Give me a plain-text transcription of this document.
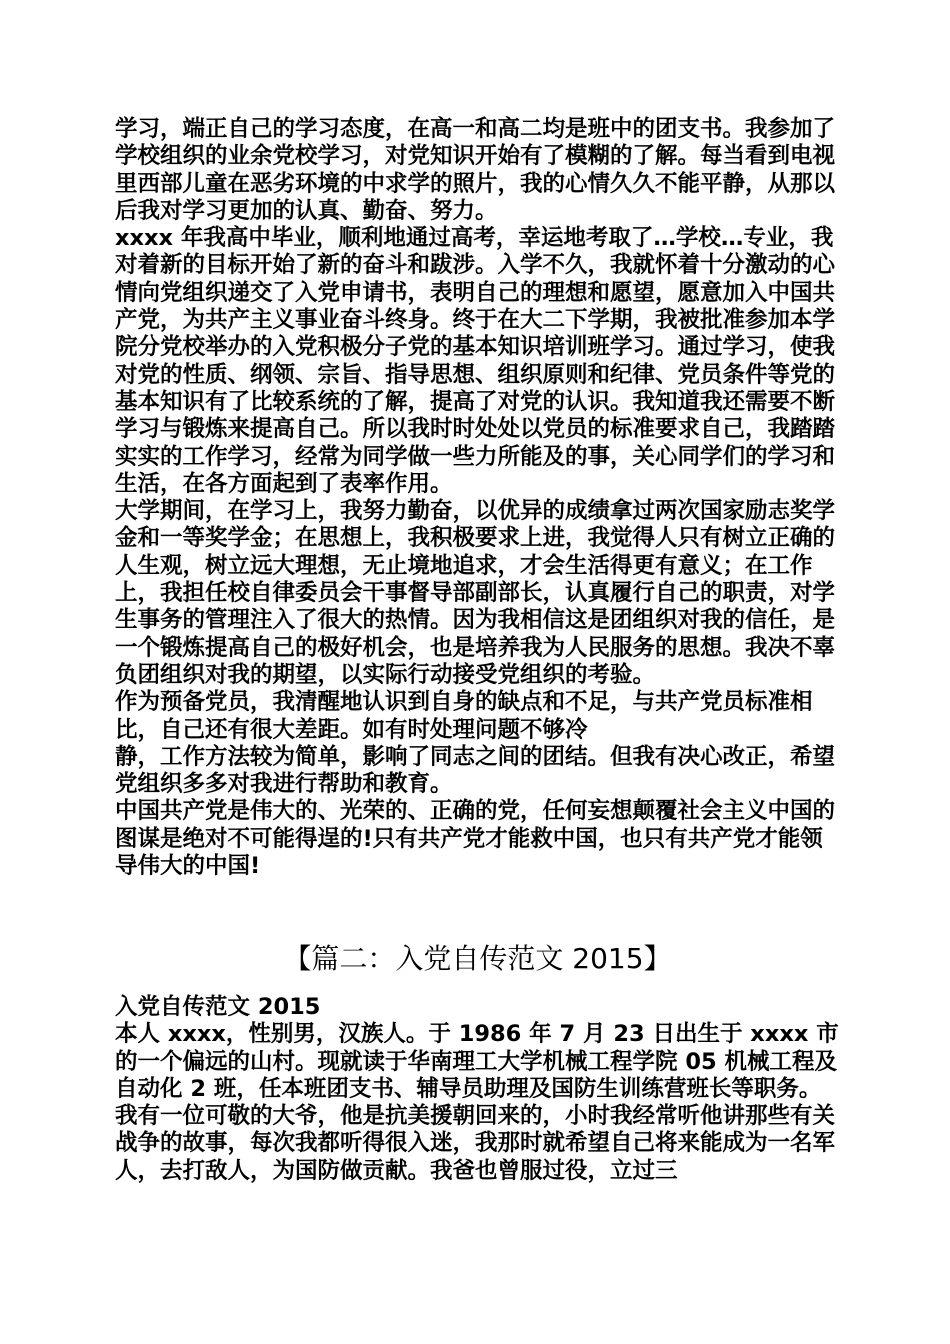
学习，端正自己的学习态度，在高一和高二均是班中的团支书。我参加了学校组织的业余党校学习，对党知识开始有了模糊的了解。每当看到电视里西部儿童在恶劣环境的中求学的照片，我的心情久久不能平静，从那以后我对学习更加的认真、勤奋、努力。

xxxx 年我高中毕业，顺利地通过高考，幸运地考取了…学校…专业，我对着新的目标开始了新的奋斗和跋涉。入学不久，我就怀着十分激动的心情向党组织递交了入党申请书，表明自己的理想和愿望，愿意加入中国共产党，为共产主义事业奋斗终身。终于在大二下学期，我被批准参加本学院分党校举办的入党积极分子党的基本知识培训班学习。通过学习，使我对党的性质、纲领、宗旨、指导思想、组织原则和纪律、党员条件等党的基本知识有了比较系统的了解，提高了对党的认识。我知道我还需要不断学习与锻炼来提高自己。所以我时时处处以党员的标准要求自己，我踏踏实实的工作学习，经常为同学做一些力所能及的事，关心同学们的学习和生活，在各方面起到了表率作用。

大学期间，在学习上，我努力勤奋，以优异的成绩拿过两次国家励志奖学金和一等奖学金；在思想上，我积极要求上进，我觉得人只有树立正确的人生观，树立远大理想，无止境地追求，才会生活得更有意义；在工作上，我担任校自律委员会干事督导部副部长，认真履行自己的职责，对学生事务的管理注入了很大的热情。因为我相信这是团组织对我的信任，是一个锻炼提高自己的极好机会，也是培养我为人民服务的思想。我决不辜负团组织对我的期望，以实际行动接受党组织的考验。

作为预备党员，我清醒地认识到自身的缺点和不足，与共产党员标准相比，自己还有很大差距。如有时处理问题不够冷

静，工作方法较为简单，影响了同志之间的团结。但我有决心改正，希望党组织多多对我进行帮助和教育。

中国共产党是伟大的、光荣的、正确的党，任何妄想颠覆社会主义中国的图谋是绝对不可能得逞的!只有共产党才能救中国，也只有共产党才能领导伟大的中国!

【篇二：入党自传范文 2015】

入党自传范文 2015

本人 xxxx，性别男，汉族人。于 1986 年 7 月 23 日出生于 xxxx 市的一个偏远的山村。现就读于华南理工大学机械工程学院 05 机械工程及自动化 2 班，任本班团支书、辅导员助理及国防生训练营班长等职务。

我有一位可敬的大爷，他是抗美援朝回来的，小时我经常听他讲那些有关战争的故事，每次我都听得很入迷，我那时就希望自己将来能成为一名军人，去打敌人，为国防做贡献。我爸也曾服过役，立过三
